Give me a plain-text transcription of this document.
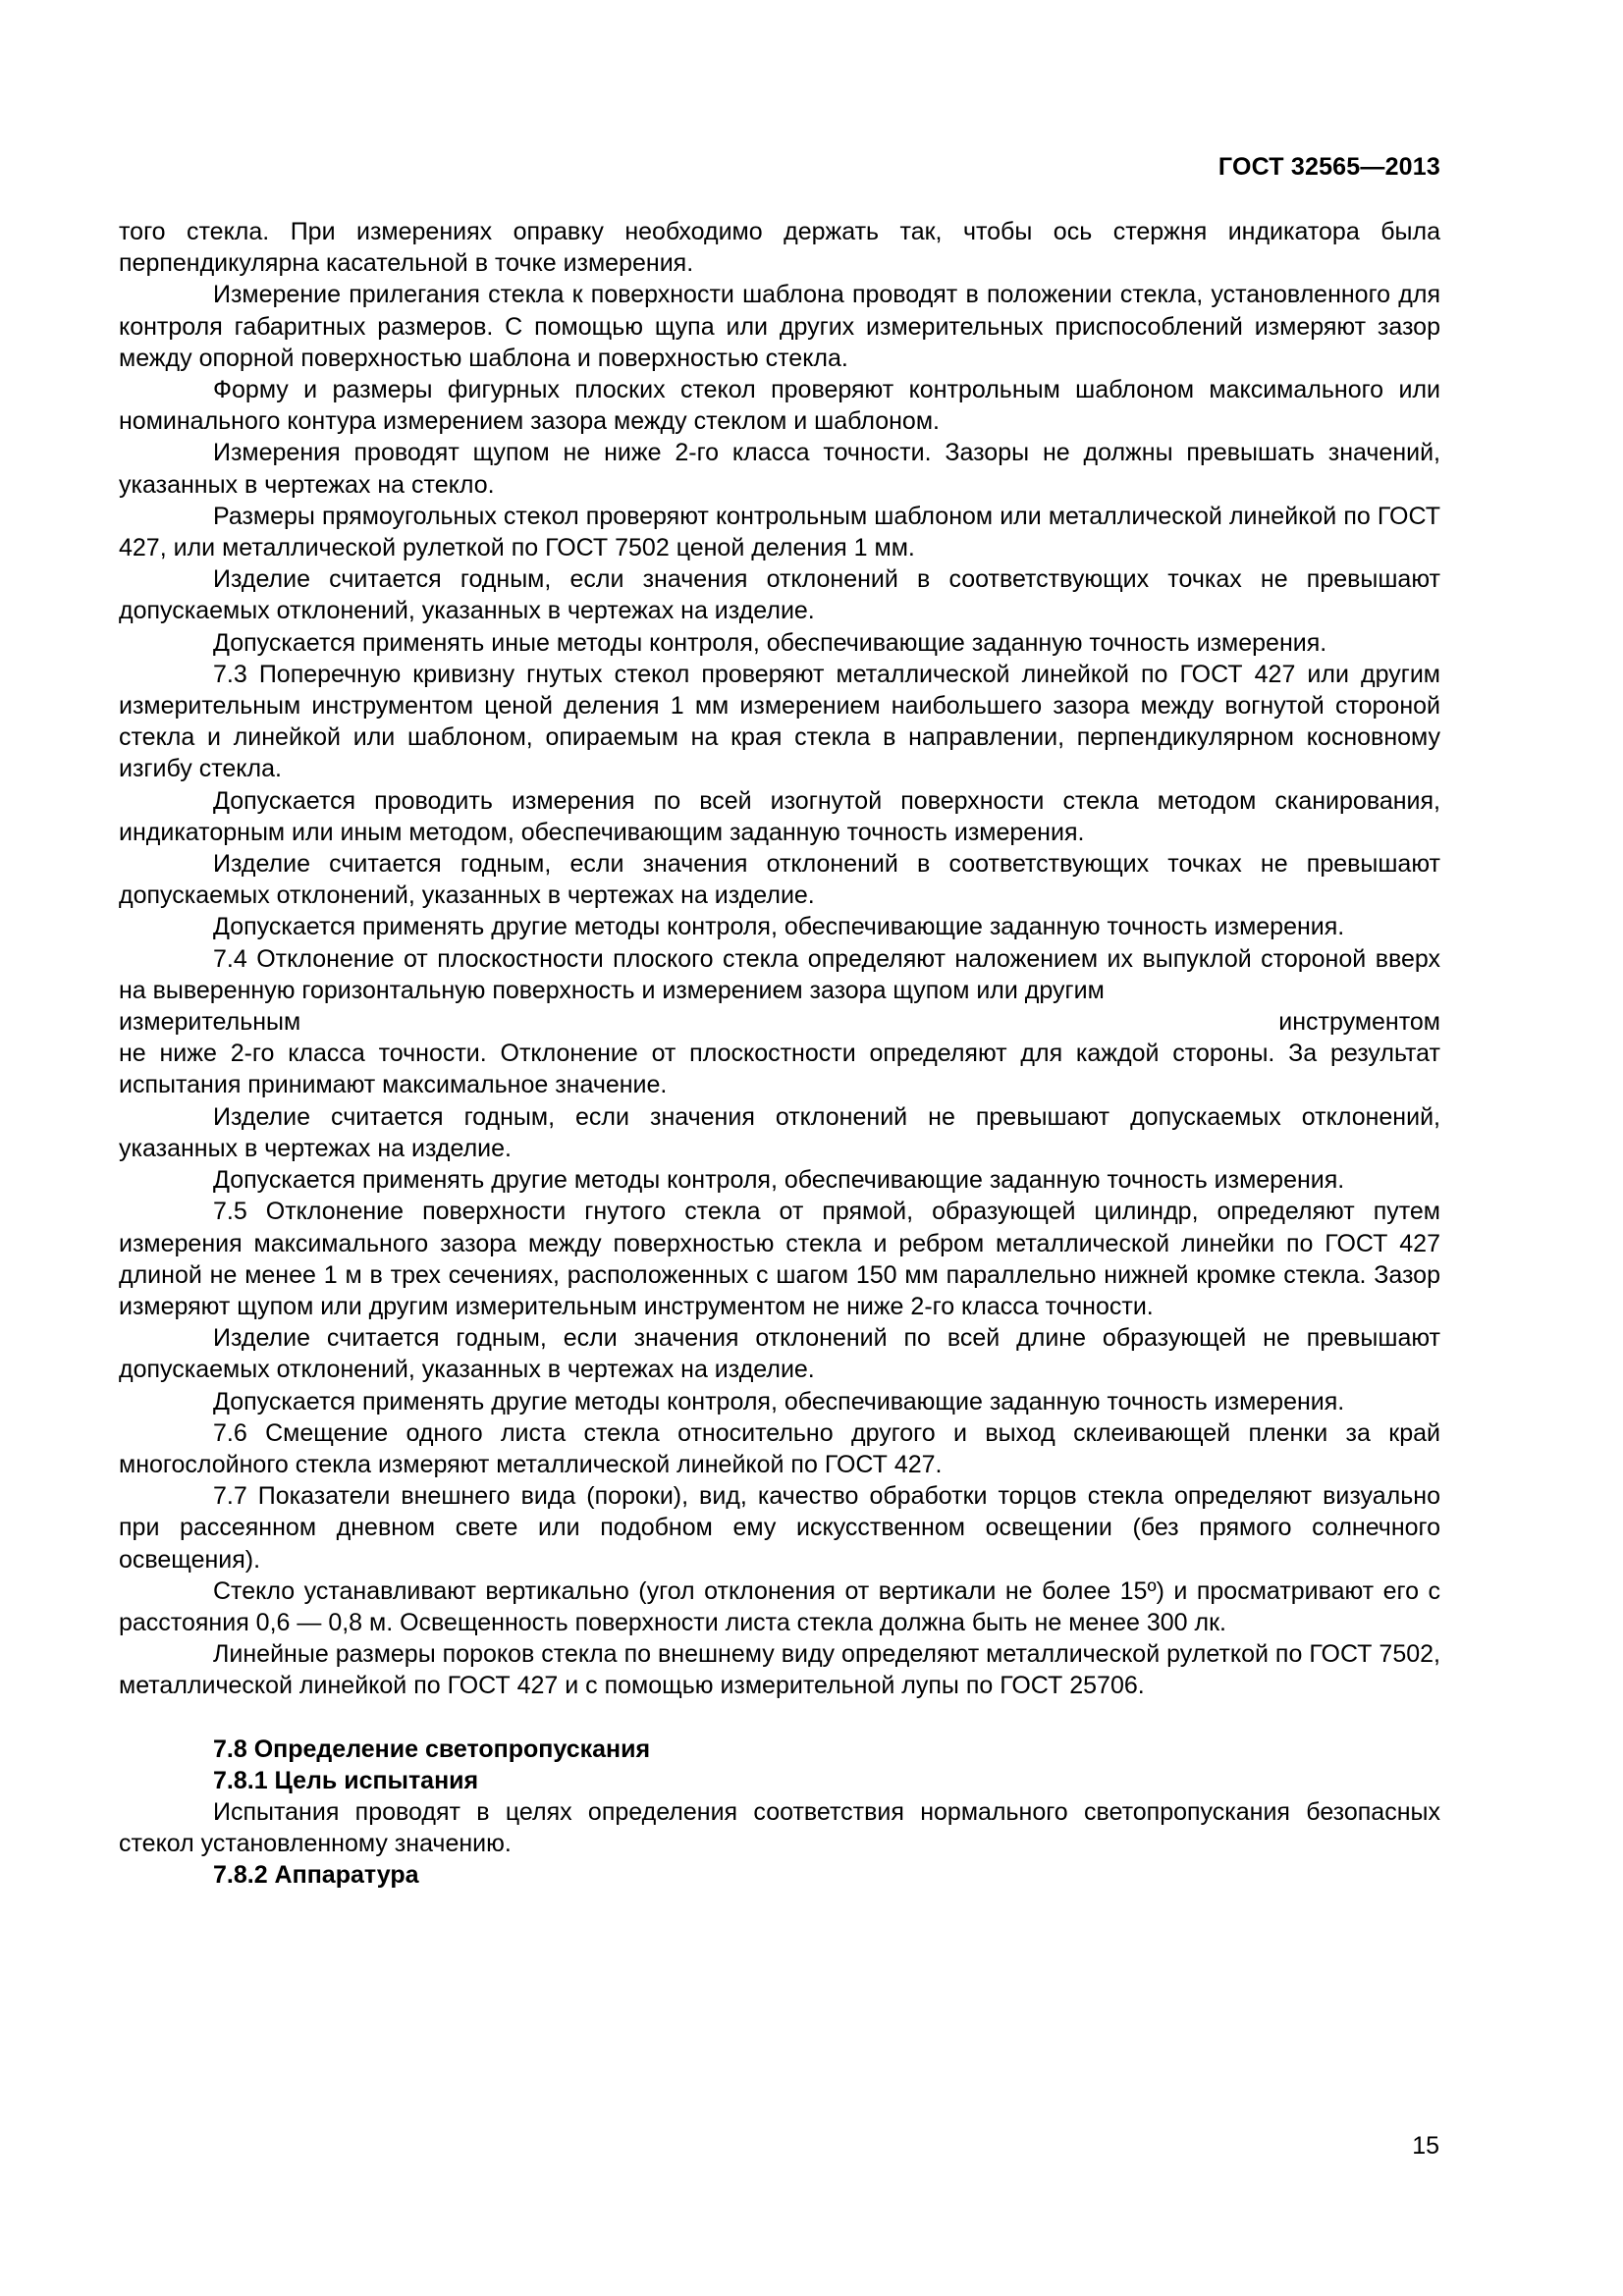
ГОСТ 32565—2013

того стекла. При измерениях оправку необходимо держать так, чтобы ось стержня индикатора была перпендикулярна касательной в точке измерения.

Измерение прилегания стекла к поверхности шаблона проводят в положении стекла, установленного для контроля габаритных размеров. С помощью щупа или других измерительных приспособлений измеряют зазор между опорной поверхностью шаблона и поверхностью стекла.

Форму и размеры фигурных плоских стекол проверяют контрольным шаблоном максимального или номинального контура измерением зазора между стеклом и шаблоном.

Измерения проводят щупом не ниже 2-го класса точности. Зазоры не должны превышать значений, указанных в чертежах на стекло.

Размеры прямоугольных стекол проверяют контрольным шаблоном или металлической линейкой по ГОСТ 427, или металлической рулеткой по ГОСТ 7502 ценой деления 1 мм.

Изделие считается годным, если значения отклонений в соответствующих точках не превышают допускаемых отклонений, указанных в чертежах на изделие.

Допускается применять иные методы контроля, обеспечивающие заданную точность измерения.

7.3 Поперечную кривизну гнутых стекол проверяют металлической линейкой по ГОСТ 427 или другим измерительным инструментом ценой деления 1 мм измерением наибольшего зазора между вогнутой стороной стекла и линейкой или шаблоном, опираемым на края стекла в направлении, перпендикулярном косновному изгибу стекла.

Допускается проводить измерения по всей изогнутой поверхности стекла методом сканирования, индикаторным или иным методом, обеспечивающим заданную точность измерения.

Изделие считается годным, если значения отклонений в соответствующих точках не превышают допускаемых отклонений, указанных в чертежах на изделие.

Допускается применять другие методы контроля, обеспечивающие заданную точность измерения.

7.4 Отклонение от плоскостности плоского стекла определяют наложением их выпуклой стороной вверх на выверенную горизонтальную поверхность и измерением зазора щупом или другим

измерительным инструментом

не ниже 2-го класса точности. Отклонение от плоскостности определяют для каждой стороны. За результат испытания принимают максимальное значение.

Изделие считается годным, если значения отклонений не превышают допускаемых отклонений, указанных в чертежах на изделие.

Допускается применять другие методы контроля, обеспечивающие заданную точность измерения.

7.5 Отклонение поверхности гнутого стекла от прямой, образующей цилиндр, определяют путем измерения максимального зазора между поверхностью стекла и ребром металлической линейки по ГОСТ 427 длиной не менее 1 м в трех сечениях, расположенных с шагом 150 мм параллельно нижней кромке стекла. Зазор измеряют щупом или другим измерительным инструментом не ниже 2-го класса точности.

Изделие считается годным, если значения отклонений по всей длине образующей не превышают допускаемых отклонений, указанных в чертежах на изделие.

Допускается применять другие методы контроля, обеспечивающие заданную точность измерения.

7.6 Смещение одного листа стекла относительно другого и выход склеивающей пленки за край многослойного стекла измеряют металлической линейкой по ГОСТ 427.

7.7 Показатели внешнего вида (пороки), вид, качество обработки торцов стекла определяют визуально при рассеянном дневном свете или подобном ему искусственном освещении (без прямого солнечного освещения).

Стекло устанавливают вертикально (угол отклонения от вертикали не более 15º) и просматривают его с расстояния 0,6 — 0,8 м. Освещенность поверхности листа стекла должна быть не менее 300 лк.

Линейные размеры пороков стекла по внешнему виду определяют металлической рулеткой по ГОСТ 7502, металлической линейкой по ГОСТ 427 и с помощью измерительной лупы по ГОСТ 25706.

7.8 Определение светопропускания

7.8.1 Цель испытания

Испытания проводят в целях определения соответствия нормального светопропускания безопасных стекол установленному значению.

7.8.2 Аппаратура

15
